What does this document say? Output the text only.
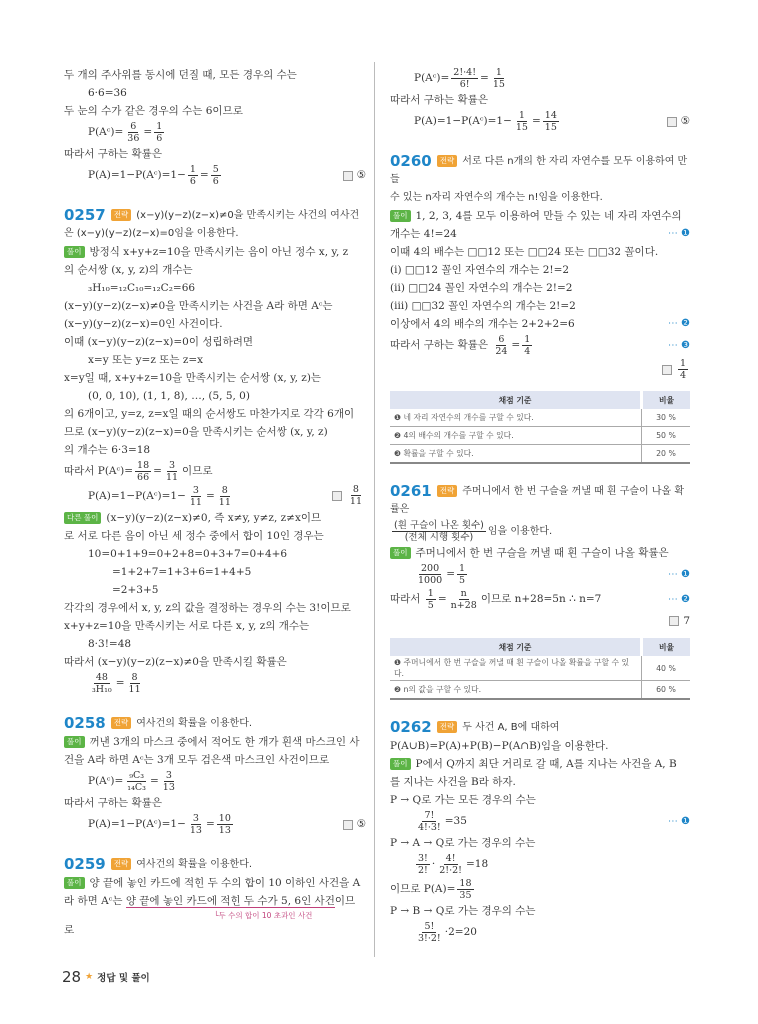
두 개의 주사위를 동시에 던질 때, 모든 경우의 수는
6·6=36
두 눈의 수가 같은 경우의 수는 6이므로
P(Aᶜ)= $\frac{6}{36} = \frac{1}{6}$
따라서 구하는 확률은
⑤
P(A)=1−P(Aᶜ)=1− $\frac{1}{6} = \frac{5}{6}$
0257 전략 (x−y)(y−z)(z−x)≠0을 만족시키는 사건의 여사건
은 (x−y)(y−z)(z−x)=0임을 이용한다.
풀이 방정식 x+y+z=10을 만족시키는 음이 아닌 정수 x, y, z
의 순서쌍 (x, y, z)의 개수는
₃H₁₀=₁₂C₁₀=₁₂C₂=66
(x−y)(y−z)(z−x)≠0을 만족시키는 사건을 A라 하면 Aᶜ는
(x−y)(y−z)(z−x)=0인 사건이다.
이때 (x−y)(y−z)(z−x)=0이 성립하려면
x=y 또는 y=z 또는 z=x
x=y일 때, x+y+z=10을 만족시키는 순서쌍 (x, y, z)는
(0, 0, 10), (1, 1, 8), …, (5, 5, 0)
의 6개이고, y=z, z=x일 때의 순서쌍도 마찬가지로 각각 6개이
므로 (x−y)(y−z)(z−x)=0을 만족시키는 순서쌍 (x, y, z)
의 개수는 6·3=18
따라서 P(Aᶜ)= $\frac{18}{66} = \frac{3}{11}$ 이므로
$\frac{8}{11}$
P(A)=1−P(Aᶜ)=1− $\frac{3}{11} = \frac{8}{11}$
다른 풀이 (x−y)(y−z)(z−x)≠0, 즉 x≠y, y≠z, z≠x이므
로 서로 다른 음이 아닌 세 정수 중에서 합이 10인 경우는
10=0+1+9=0+2+8=0+3+7=0+4+6
=1+2+7=1+3+6=1+4+5
=2+3+5
각각의 경우에서 x, y, z의 값을 결정하는 경우의 수는 3!이므로
x+y+z=10을 만족시키는 서로 다른 x, y, z의 개수는
8·3!=48
따라서 (x−y)(y−z)(z−x)≠0을 만족시킬 확률은
$\frac{48}{\text{₃H₁₀}} = \frac{8}{11}$
0258 전략 여사건의 확률을 이용한다.
풀이 꺼낸 3개의 마스크 중에서 적어도 한 개가 흰색 마스크인 사
건을 A라 하면 Aᶜ는 3개 모두 검은색 마스크인 사건이므로
P(Aᶜ)= $\frac{\text{₉C₃}}{\text{₁₄C₃}} = \frac{3}{13}$
따라서 구하는 확률은
⑤
P(A)=1−P(Aᶜ)=1− $\frac{3}{13} = \frac{10}{13}$
0259 전략 여사건의 확률을 이용한다.
풀이 양 끝에 놓인 카드에 적힌 두 수의 합이 10 이하인 사건을 A
라 하면 Aᶜ는 양 끝에 놓인 카드에 적힌 두 수가 5, 6인 사건이므
└두 수의 합이 10 초과인 사건
로
P(Aᶜ)= $\frac{2!\cdot 4!}{6!} = \frac{1}{15}$
따라서 구하는 확률은
⑤
P(A)=1−P(Aᶜ)=1− $\frac{1}{15} = \frac{14}{15}$
0260 전략 서로 다른 n개의 한 자리 자연수를 모두 이용하여 만들
수 있는 n자리 자연수의 개수는 n!임을 이용한다.
풀이 1, 2, 3, 4를 모두 이용하여 만들 수 있는 네 자리 자연수의
⋯ ❶
개수는 4!=24
이때 4의 배수는 □□12 또는 □□24 또는 □□32 꼴이다.
(ⅰ) □□12 꼴인 자연수의 개수는 2!=2
(ⅱ) □□24 꼴인 자연수의 개수는 2!=2
(ⅲ) □□32 꼴인 자연수의 개수는 2!=2
⋯ ❷
이상에서 4의 배수의 개수는 2+2+2=6
⋯ ❸
따라서 구하는 확률은 $\frac{6}{24} = \frac{1}{4}$
$\frac{1}{4}$
채점 기준	비율
❶ 네 자리 자연수의 개수를 구할 수 있다.	30 %
❷ 4의 배수의 개수를 구할 수 있다.	50 %
❸ 확률을 구할 수 있다.	20 %
0261 전략 주머니에서 한 번 구슬을 꺼낼 때 흰 구슬이 나올 확률은
$\frac{\text{(흰 구슬이 나온 횟수)}}{\text{(전체 시행 횟수)}}$ 임을 이용한다.
풀이 주머니에서 한 번 구슬을 꺼낼 때 흰 구슬이 나올 확률은
⋯ ❶
$\frac{200}{1000} = \frac{1}{5}$
⋯ ❷
따라서 $\frac{1}{5} = \frac{n}{n+28}$ 이므로 n+28=5n ∴ n=7
7
채점 기준	비율
❶ 주머니에서 한 번 구슬을 꺼낼 때 흰 구슬이 나올 확률을 구할 수 있다.	40 %
❷ n의 값을 구할 수 있다.	60 %
0262 전략 두 사건 A, B에 대하여
P(A∪B)=P(A)+P(B)−P(A∩B)임을 이용한다.
풀이 P에서 Q까지 최단 거리로 갈 때, A를 지나는 사건을 A, B
를 지나는 사건을 B라 하자.
P → Q로 가는 모든 경우의 수는
⋯ ❶
$\frac{7!}{4!\cdot 3!} =35$
P → A → Q로 가는 경우의 수는
$\frac{3!}{2!} \cdot \frac{4!}{2!\cdot 2!} =18$
이므로 $P(A)= \frac{18}{35}$
P → B → Q로 가는 경우의 수는
$\frac{5!}{3!\cdot 2!} \cdot 2=20$
28 ★ 정답 및 풀이
